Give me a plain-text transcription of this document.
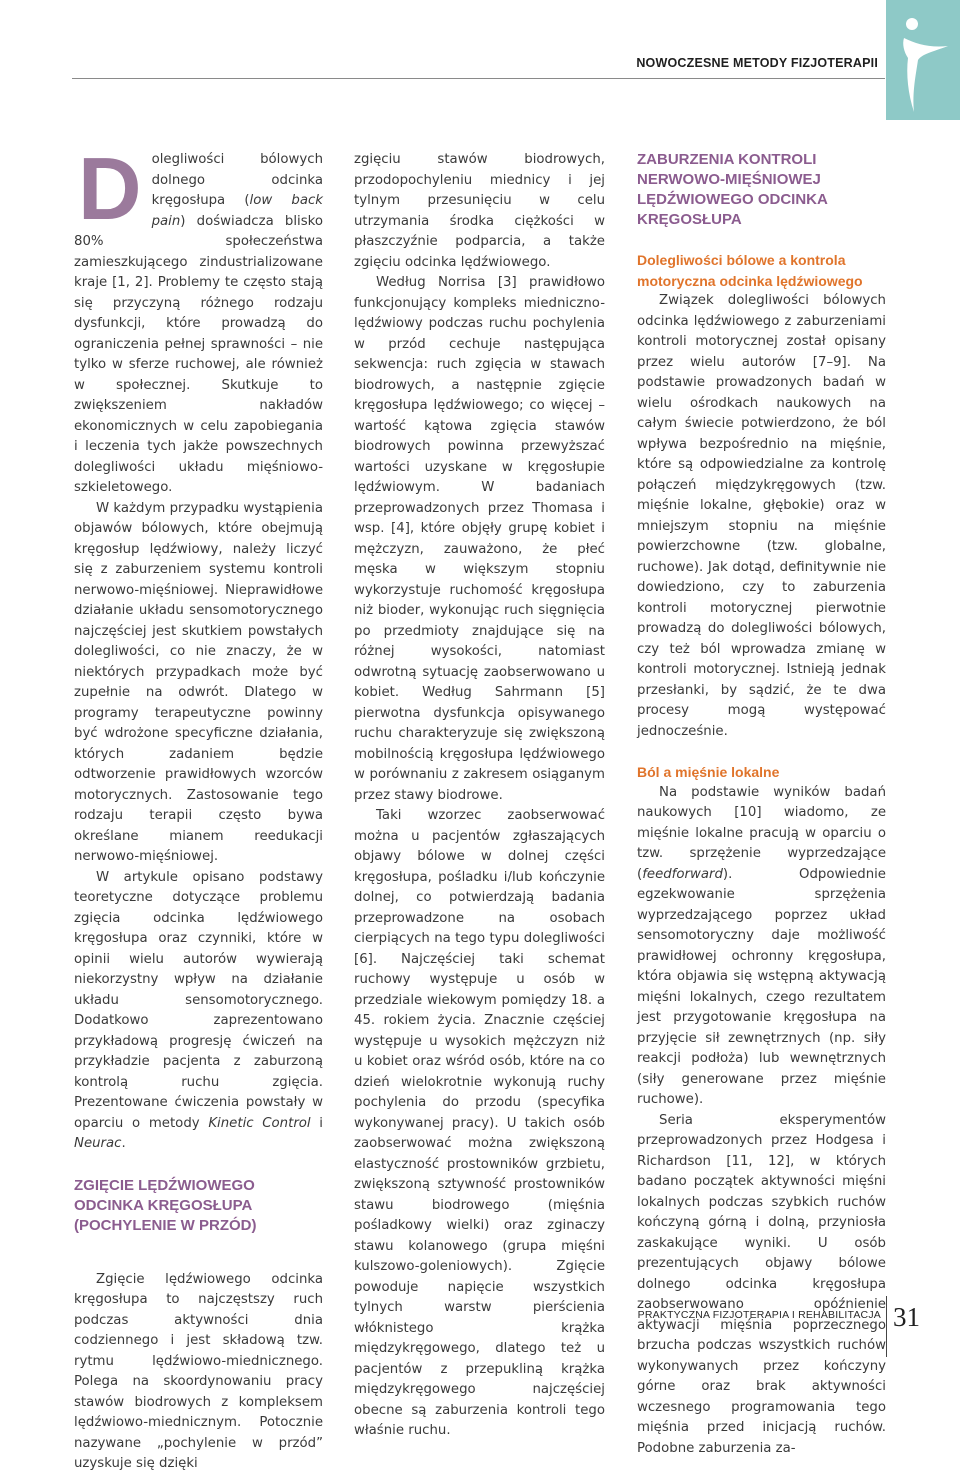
NOWOCZESNE METODY FIZJOTERAPII

Dolegliwości bólowych dolnego odcinka kręgosłupa (low back pain) doświadcza blisko 80% społeczeństwa zamieszkującego zindustrializowane kraje [1, 2]. Problemy te często stają się przyczyną różnego rodzaju dysfunkcji, które prowadzą do ograniczenia pełnej sprawności – nie tylko w sferze ruchowej, ale również w społecznej. Skutkuje to zwiększeniem nakładów ekonomicznych w celu zapobiegania i leczenia tych jakże powszechnych dolegliwości układu mięśniowo-szkieletowego.

W każdym przypadku wystąpienia objawów bólowych, które obejmują kręgosłup lędźwiowy, należy liczyć się z zaburzeniem systemu kontroli nerwowo-mięśniowej. Nieprawidłowe działanie układu sensomotorycznego najczęściej jest skutkiem powstałych dolegliwości, co nie znaczy, że w niektórych przypadkach może być zupełnie na odwrót. Dlatego w programy terapeutyczne powinny być wdrożone specyficzne działania, których zadaniem będzie odtworzenie prawidłowych wzorców motorycznych. Zastosowanie tego rodzaju terapii często bywa określane mianem reedukacji nerwowo-mięśniowej.

W artykule opisano podstawy teoretyczne dotyczące problemu zgięcia odcinka lędźwiowego kręgosłupa oraz czynniki, które w opinii wielu autorów wywierają niekorzystny wpływ na działanie układu sensomotorycznego. Dodatkowo zaprezentowano przykładową progresję ćwiczeń na przykładzie pacjenta z zaburzoną kontrolą ruchu zgięcia. Prezentowane ćwiczenia powstały w oparciu o metody Kinetic Control i Neurac.

ZGIĘCIE LĘDŹWIOWEGO ODCINKA KRĘGOSŁUPA (POCHYLENIE W PRZÓD)

Zgięcie lędźwiowego odcinka kręgosłupa to najczęstszy ruch podczas aktywności dnia codziennego i jest składową tzw. rytmu lędźwiowo-miednicznego. Polega na skoordynowaniu pracy stawów biodrowych z kompleksem lędźwiowo-miednicznym. Potocznie nazywane „pochylenie w przód” uzyskuje się dzięki

zgięciu stawów biodrowych, przodopochyleniu miednicy i jej tylnym przesunięciu w celu utrzymania środka ciężkości w płaszczyźnie podparcia, a także zgięciu odcinka lędźwiowego.

Według Norrisa [3] prawidłowo funkcjonujący kompleks miedniczno-lędźwiowy podczas ruchu pochylenia w przód cechuje następująca sekwencja: ruch zgięcia w stawach biodrowych, a następnie zgięcie kręgosłupa lędźwiowego; co więcej – wartość kątowa zgięcia stawów biodrowych powinna przewyższać wartości uzyskane w kręgosłupie lędźwiowym. W badaniach przeprowadzonych przez Thomasa i wsp. [4], które objęły grupę kobiet i mężczyzn, zauważono, że płeć męska w większym stopniu wykorzystuje ruchomość kręgosłupa niż bioder, wykonując ruch sięgnięcia po przedmioty znajdujące się na różnej wysokości, natomiast odwrotną sytuację zaobserwowano u kobiet. Według Sahrmann [5] pierwotna dysfunkcja opisywanego ruchu charakteryzuje się zwiększoną mobilnością kręgosłupa lędźwiowego w porównaniu z zakresem osiąganym przez stawy biodrowe.

Taki wzorzec zaobserwować można u pacjentów zgłaszających objawy bólowe w dolnej części kręgosłupa, pośladku i/lub kończynie dolnej, co potwierdzają badania przeprowadzone na osobach cierpiących na tego typu dolegliwości [6]. Najczęściej taki schemat ruchowy występuje u osób w przedziale wiekowym pomiędzy 18. a 45. rokiem życia. Znacznie częściej występuje u wysokich mężczyzn niż u kobiet oraz wśród osób, które na co dzień wielokrotnie wykonują ruchy pochylenia do przodu (specyfika wykonywanej pracy). U takich osób zaobserwować można zwiększoną elastyczność prostowników grzbietu, zwiększoną sztywność prostowników stawu biodrowego (mięśnia pośladkowy wielki) oraz zginaczy stawu kolanowego (grupa mięśni kulszowo-goleniowych). Zgięcie powoduje napięcie wszystkich tylnych warstw pierścienia włóknistego krążka międzykręgowego, dlatego też u pacjentów z przepukliną krążka międzykręgowego najczęściej obecne są zaburzenia kontroli tego właśnie ruchu.

ZABURZENIA KONTROLI NERWOWO-MIĘŚNIOWEJ LĘDŹWIOWEGO ODCINKA KRĘGOSŁUPA
Dolegliwości bólowe a kontrola motoryczna odcinka lędźwiowego

Związek dolegliwości bólowych odcinka lędźwiowego z zaburzeniami kontroli motorycznej został opisany przez wielu autorów [7–9]. Na podstawie prowadzonych badań w wielu ośrodkach naukowych na całym świecie potwierdzono, że ból wpływa bezpośrednio na mięśnie, które są odpowiedzialne za kontrolę połączeń międzykręgowych (tzw. mięśnie lokalne, głębokie) oraz w mniejszym stopniu na mięśnie powierzchowne (tzw. globalne, ruchowe). Jak dotąd, definitywnie nie dowiedziono, czy to zaburzenia kontroli motorycznej pierwotnie prowadzą do dolegliwości bólowych, czy też ból wprowadza zmianę w kontroli motorycznej. Istnieją jednak przesłanki, by sądzić, że te dwa procesy mogą występować jednocześnie.

Ból a mięśnie lokalne

Na podstawie wyników badań naukowych [10] wiadomo, ze mięśnie lokalne pracują w oparciu o tzw. sprzężenie wyprzedzające (feedforward). Odpowiednie egzekwowanie sprzężenia wyprzedzającego poprzez układ sensomotoryczny daje możliwość prawidłowej ochronny kręgosłupa, która objawia się wstępną aktywacją mięśni lokalnych, czego rezultatem jest przygotowanie kręgosłupa na przyjęcie sił zewnętrznych (np. siły reakcji podłoża) lub wewnętrznych (siły generowane przez mięśnie ruchowe).

Seria eksperymentów przeprowadzonych przez Hodgesa i Richardson [11, 12], w których badano początek aktywności mięśni lokalnych podczas szybkich ruchów kończyną górną i dolną, przyniosła zaskakujące wyniki. U osób prezentujących objawy bólowe dolnego odcinka kręgosłupa zaobserwowano opóźnienie aktywacji mięśnia poprzecznego brzucha podczas wszystkich ruchów wykonywanych przez kończyny górne oraz brak aktywności wczesnego programowania tego mięśnia przed inicjacją ruchów. Podobne zaburzenia za-

PRAKTYCZNA FIZJOTERAPIA I REHABILITACJA 31
